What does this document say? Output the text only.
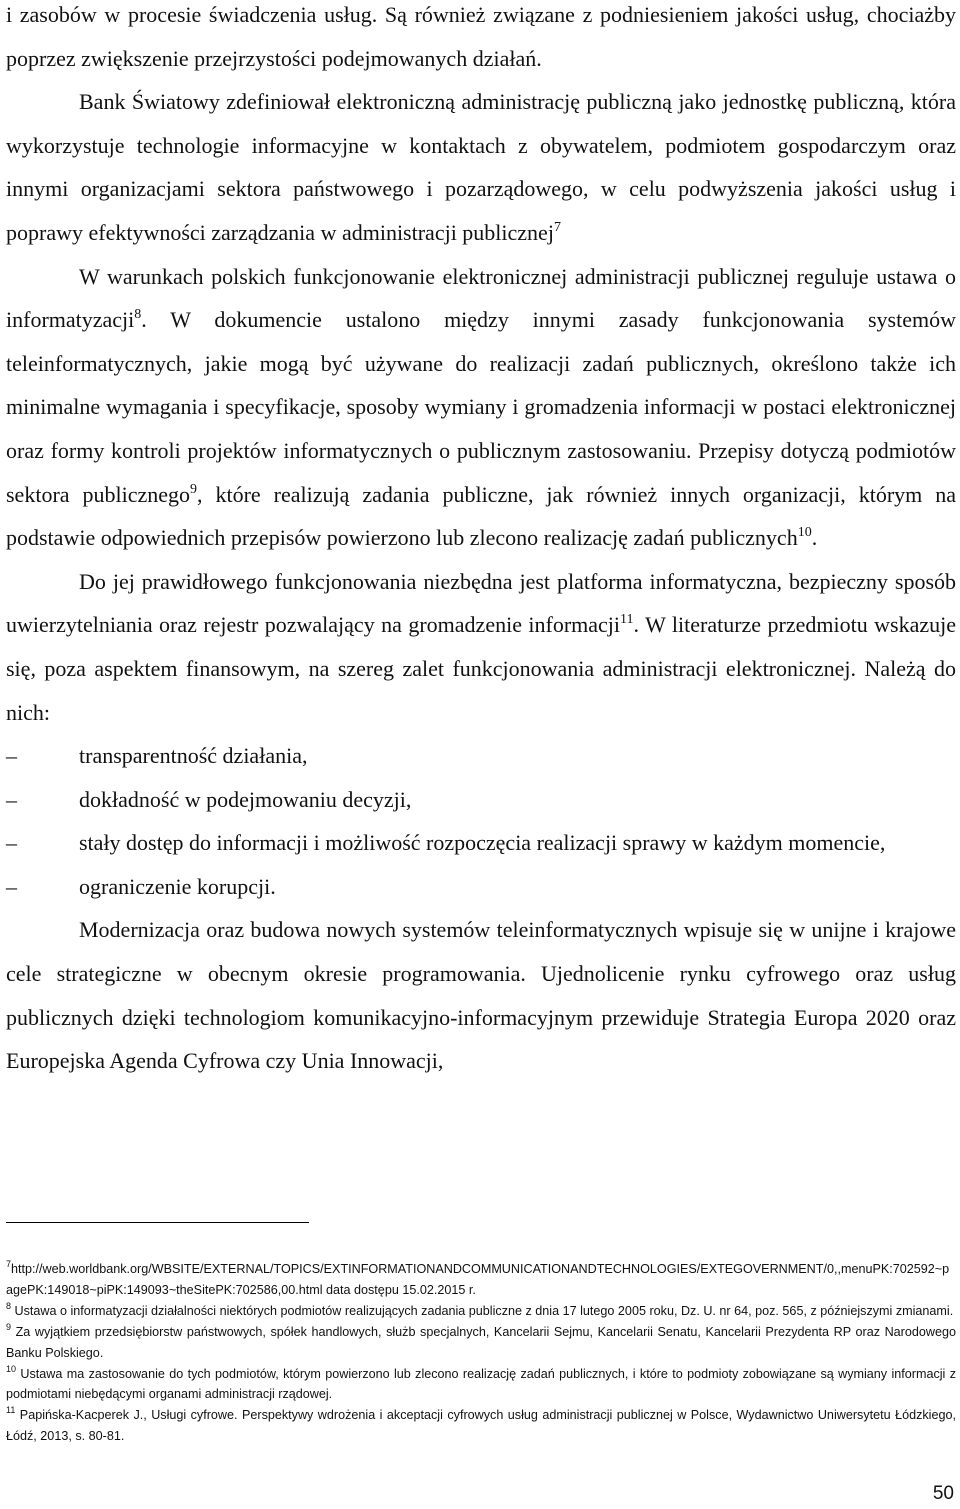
i zasobów w procesie świadczenia usług. Są również związane z podniesieniem jakości usług, chociażby poprzez zwiększenie przejrzystości podejmowanych działań.

Bank Światowy zdefiniował elektroniczną administrację publiczną jako jednostkę publiczną, która wykorzystuje technologie informacyjne w kontaktach z obywatelem, podmiotem gospodarczym oraz innymi organizacjami sektora państwowego i pozarządowego, w celu podwyższenia jakości usług i poprawy efektywności zarządzania w administracji publicznej$^7$

W warunkach polskich funkcjonowanie elektronicznej administracji publicznej reguluje ustawa o informatyzacji$^8$. W dokumencie ustalono między innymi zasady funkcjonowania systemów teleinformatycznych, jakie mogą być używane do realizacji zadań publicznych, określono także ich minimalne wymagania i specyfikacje, sposoby wymiany i gromadzenia informacji w postaci elektronicznej oraz formy kontroli projektów informatycznych o publicznym zastosowaniu. Przepisy dotyczą podmiotów sektora publicznego$^9$, które realizują zadania publiczne, jak również innych organizacji, którym na podstawie odpowiednich przepisów powierzono lub zlecono realizację zadań publicznych$^{10}$.

Do jej prawidłowego funkcjonowania niezbędna jest platforma informatyczna, bezpieczny sposób uwierzytelniania oraz rejestr pozwalający na gromadzenie informacji$^{11}$. W literaturze przedmiotu wskazuje się, poza aspektem finansowym, na szereg zalet funkcjonowania administracji elektronicznej. Należą do nich:

–	transparentność działania,
–	dokładność w podejmowaniu decyzji,
–	stały dostęp do informacji i możliwość rozpoczęcia realizacji sprawy w każdym momencie,
–	ograniczenie korupcji.

Modernizacja oraz budowa nowych systemów teleinformatycznych wpisuje się w unijne i krajowe cele strategiczne w obecnym okresie programowania. Ujednolicenie rynku cyfrowego oraz usług publicznych dzięki technologiom komunikacyjno-informacyjnym przewiduje Strategia Europa 2020 oraz Europejska Agenda Cyfrowa czy Unia Innowacji,

$^7$http://web.worldbank.org/WBSITE/EXTERNAL/TOPICS/EXTINFORMATIONANDCOMMUNICATIONANDTECHNOLOGIES/EXTEGOVERNMENT/0,,menuPK:702592~pagePK:149018~piPK:149093~theSitePK:702586,00.html data dostępu 15.02.2015 r.

$^8$ Ustawa o informatyzacji działalności niektórych podmiotów realizujących zadania publiczne z dnia 17 lutego 2005 roku, Dz. U. nr 64, poz. 565, z późniejszymi zmianami.

$^9$ Za wyjątkiem przedsiębiorstw państwowych, spółek handlowych, służb specjalnych, Kancelarii Sejmu, Kancelarii Senatu, Kancelarii Prezydenta RP oraz Narodowego Banku Polskiego.

$^{10}$ Ustawa ma zastosowanie do tych podmiotów, którym powierzono lub zlecono realizację zadań publicznych, i które to podmioty zobowiązane są wymiany informacji z podmiotami niebędącymi organami administracji rządowej.

$^{11}$ Papińska-Kacperek J., Usługi cyfrowe. Perspektywy wdrożenia i akceptacji cyfrowych usług administracji publicznej w Polsce, Wydawnictwo Uniwersytetu Łódzkiego, Łódź, 2013, s. 80-81.

50
